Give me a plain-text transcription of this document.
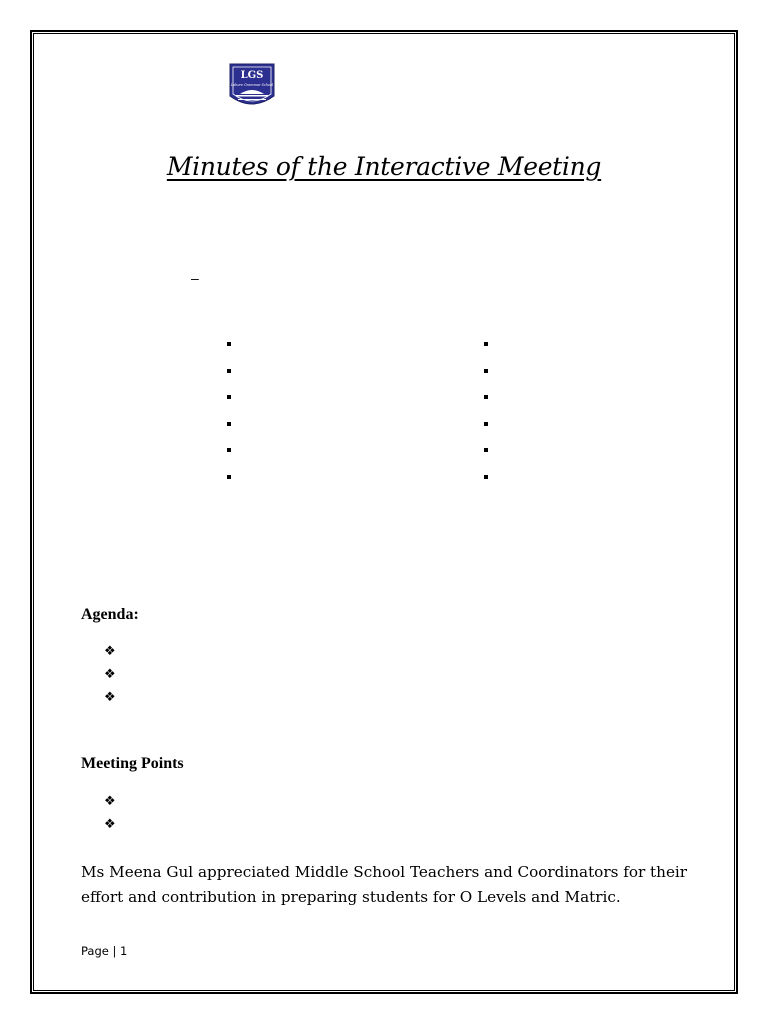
LGS
Lahore Grammar School
Minutes of the Interactive Meeting
–
Agenda:
❖
❖
❖
Meeting Points
❖
❖
Ms Meena Gul appreciated Middle School Teachers and Coordinators for their effort and contribution in preparing students for O Levels and Matric.
Page | 1
